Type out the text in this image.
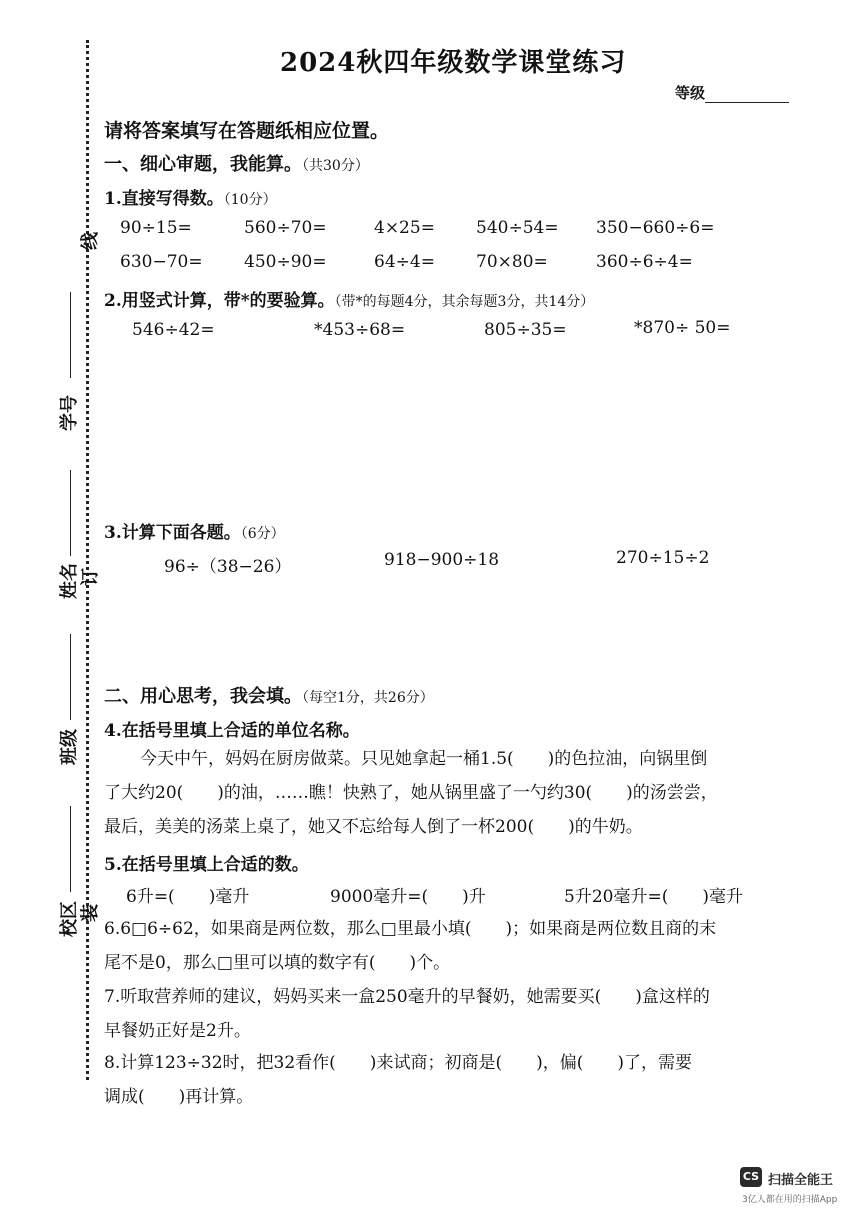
学号
姓名
班级
校区
线
订
装
2024秋四年级数学课堂练习
等级
请将答案填写在答题纸相应位置。
一、细心审题，我能算。（共30分）
1.直接写得数。（10分）
90÷15=	560÷70=	4×25= 540÷54= 350−660÷6=
630−70= 450÷90=	64÷4= 70×80=	360÷6÷4=
2.用竖式计算，带*的要验算。（带*的每题4分，其余每题3分，共14分）
546÷42=	*453÷68=	805÷35=	*870÷ 50=
3.计算下面各题。（6分）
96÷（38−26）	918−900÷18	270÷15÷2
二、用心思考，我会填。（每空1分，共26分）
4.在括号里填上合适的单位名称。
今天中午，妈妈在厨房做菜。只见她拿起一桶1.5(　　)的色拉油，向锅里倒
了大约20(　　)的油，……瞧！快熟了，她从锅里盛了一勺约30(　　)的汤尝尝，
最后，美美的汤菜上桌了，她又不忘给每人倒了一杯200(　　)的牛奶。
5.在括号里填上合适的数。
6升=(　　)毫升	9000毫升=(　　)升	5升20毫升=(　　)毫升
6.6□6÷62，如果商是两位数，那么□里最小填(　　)；如果商是两位数且商的末
尾不是0，那么□里可以填的数字有(　　)个。
7.听取营养师的建议，妈妈买来一盒250毫升的早餐奶，她需要买(　　)盒这样的
早餐奶正好是2升。
8.计算123÷32时，把32看作(　　)来试商；初商是(　　)，偏(　　)了，需要
调成(　　)再计算。
CS 扫描全能王
3亿人都在用的扫描App
